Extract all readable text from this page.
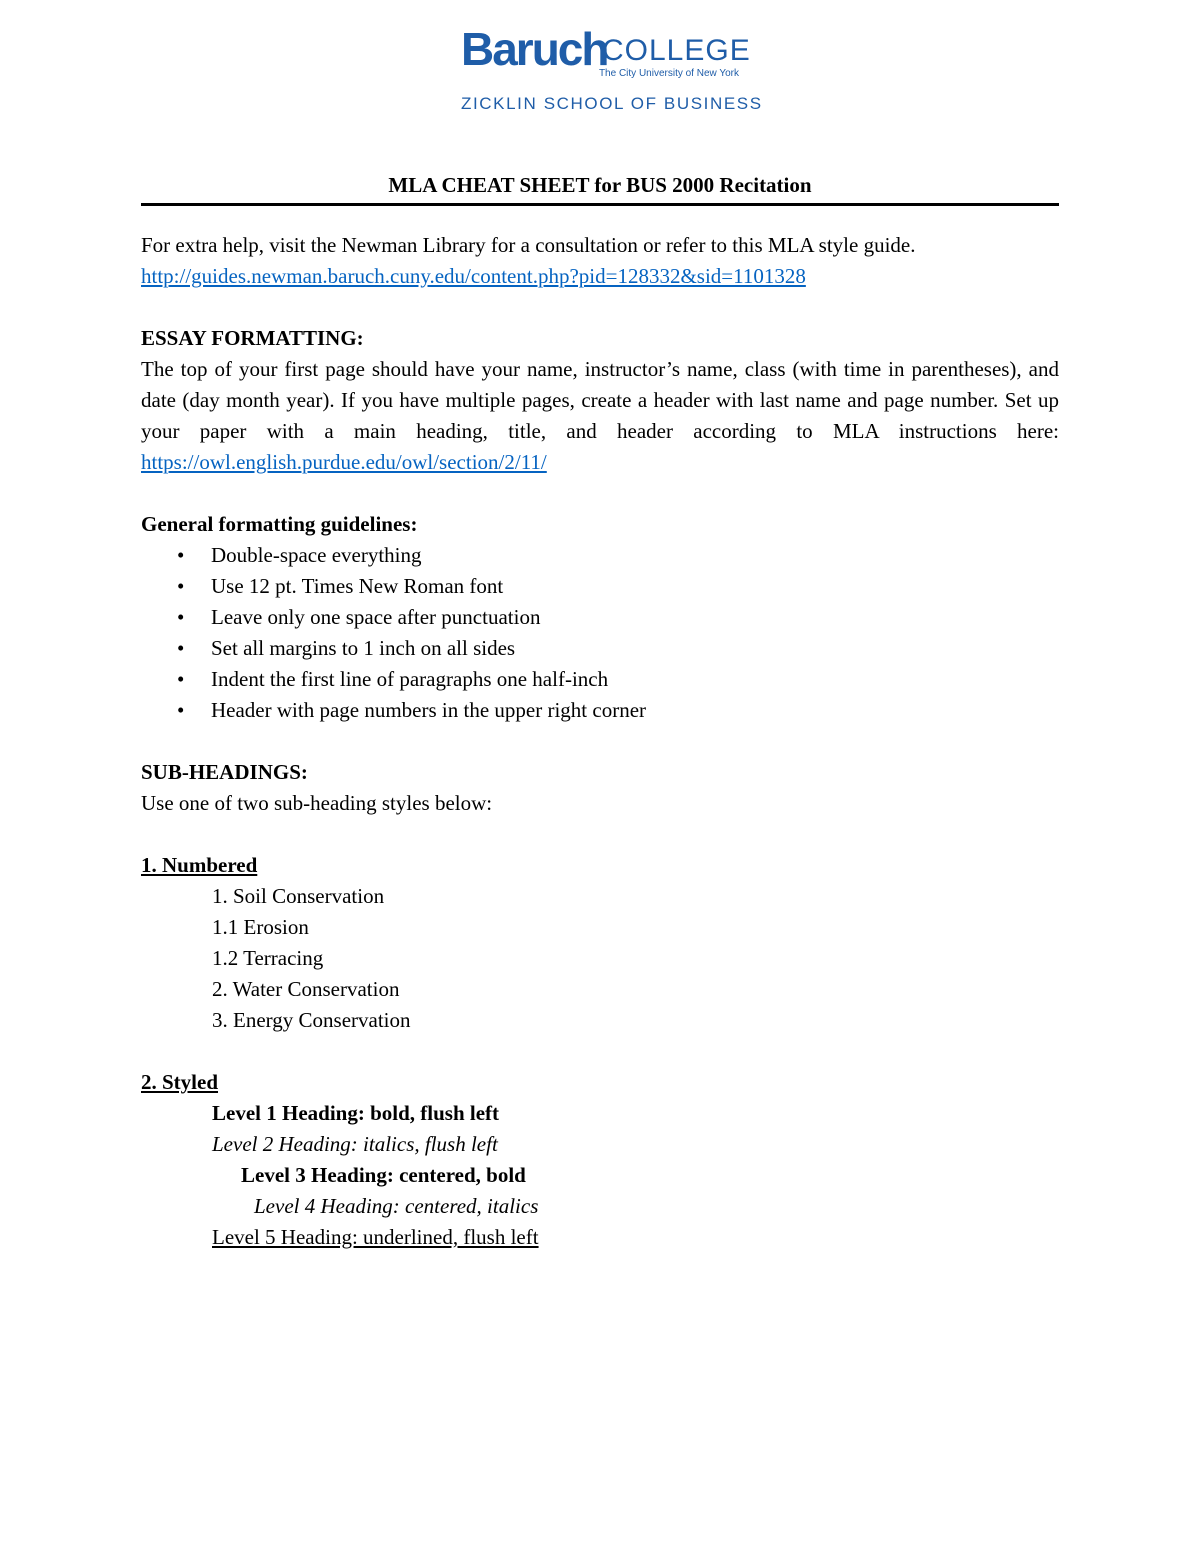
Baruch
COLLEGE
The City University of New York
ZICKLIN SCHOOL OF BUSINESS
MLA CHEAT SHEET for BUS 2000 Recitation

For extra help, visit the Newman Library for a consultation or refer to this MLA style guide.

http://guides.newman.baruch.cuny.edu/content.php?pid=128332&sid=1101328

ESSAY FORMATTING:

The top of your first page should have your name, instructor’s name, class (with time in parentheses), and date (day month year). If you have multiple pages, create a header with last name and page number. Set up your paper with a main heading, title, and header according to MLA instructions here: https://owl.english.purdue.edu/owl/section/2/11/

General formatting guidelines:

• Double-space everything
• Use 12 pt. Times New Roman font
• Leave only one space after punctuation
• Set all margins to 1 inch on all sides
• Indent the first line of paragraphs one half-inch
• Header with page numbers in the upper right corner

SUB-HEADINGS:

Use one of two sub-heading styles below:

1. Numbered

1. Soil Conservation

1.1 Erosion

1.2 Terracing

2. Water Conservation

3. Energy Conservation

2. Styled

Level 1 Heading: bold, flush left

Level 2 Heading: italics, flush left

Level 3 Heading: centered, bold

Level 4 Heading: centered, italics

Level 5 Heading: underlined, flush left
